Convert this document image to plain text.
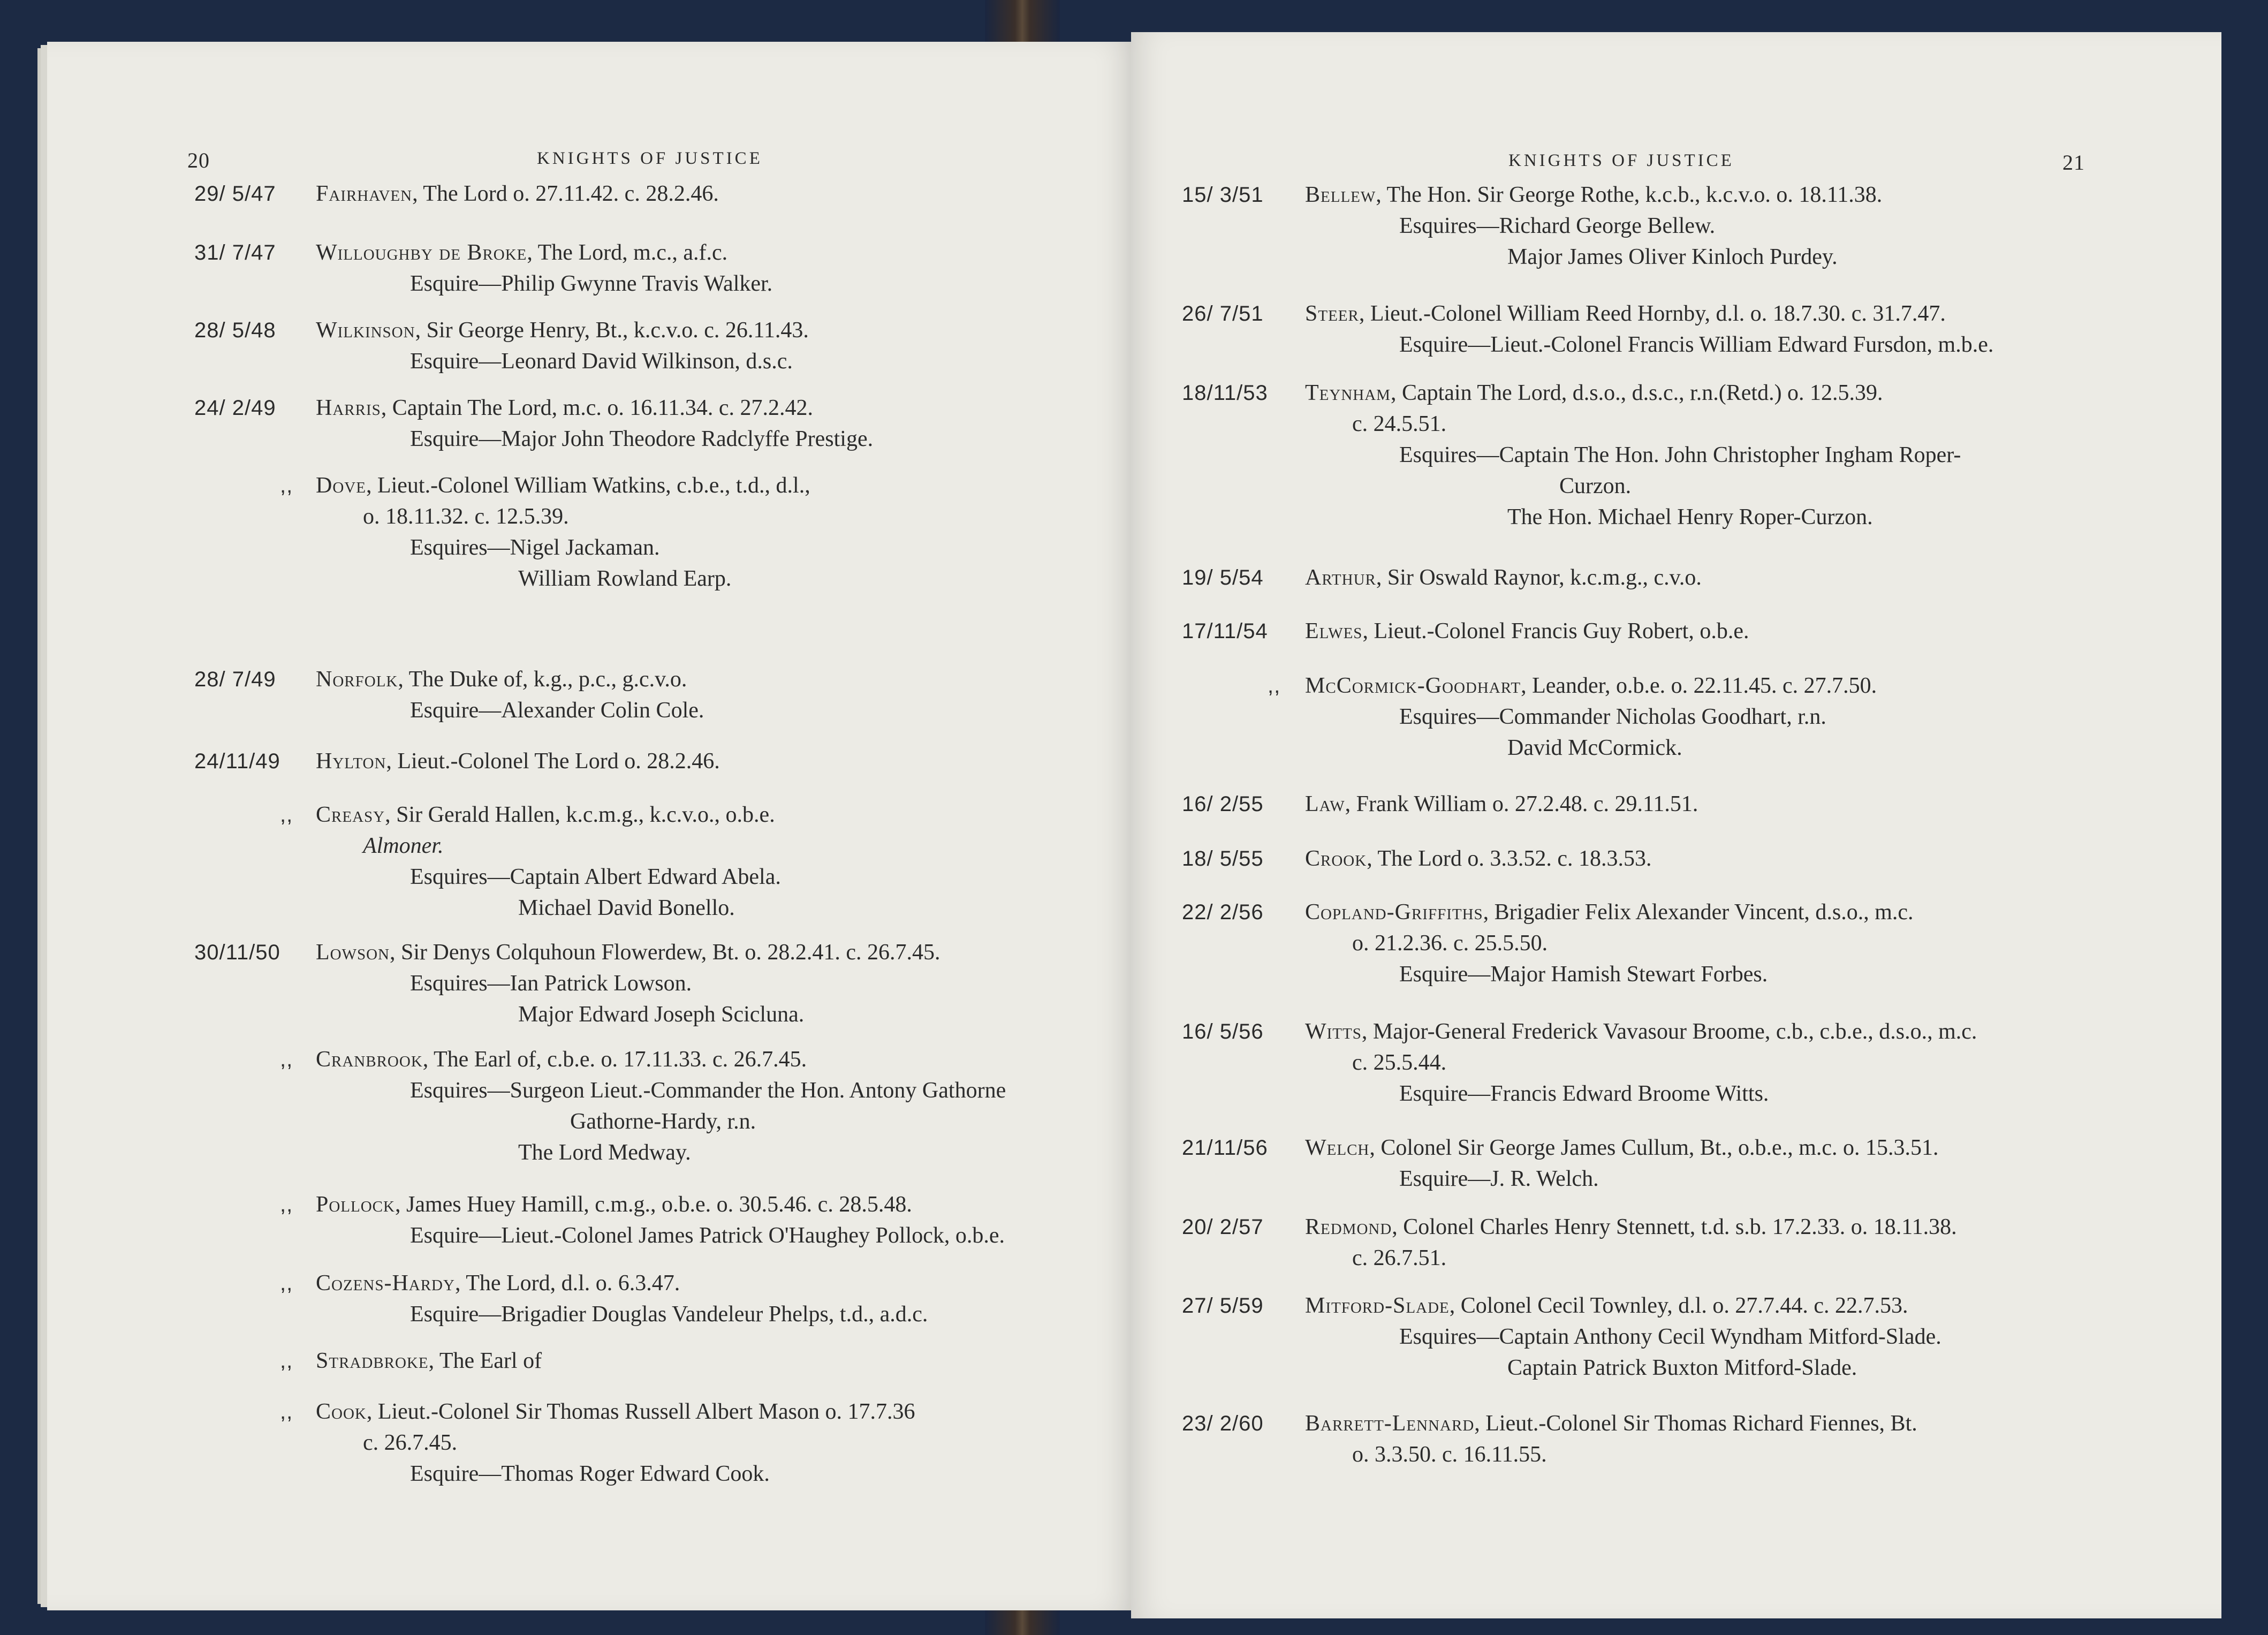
20	KNIGHTS OF JUSTICE
29/ 5/47 Fairhaven, The Lord o. 27.11.42. c. 28.2.46.
31/ 7/47 Willoughby de Broke, The Lord, m.c., a.f.c.
Esquire—Philip Gwynne Travis Walker.
28/ 5/48 Wilkinson, Sir George Henry, Bt., k.c.v.o. c. 26.11.43.
Esquire—Leonard David Wilkinson, d.s.c.
24/ 2/49 Harris, Captain The Lord, m.c. o. 16.11.34. c. 27.2.42.
Esquire—Major John Theodore Radclyffe Prestige.
,, Dove, Lieut.-Colonel William Watkins, c.b.e., t.d., d.l.,
o. 18.11.32. c. 12.5.39.
Esquires—Nigel Jackaman.
William Rowland Earp.
28/ 7/49 Norfolk, The Duke of, k.g., p.c., g.c.v.o.
Esquire—Alexander Colin Cole.
24/11/49 Hylton, Lieut.-Colonel The Lord o. 28.2.46.
,, Creasy, Sir Gerald Hallen, k.c.m.g., k.c.v.o., o.b.e.
Almoner.
Esquires—Captain Albert Edward Abela.
Michael David Bonello.
30/11/50 Lowson, Sir Denys Colquhoun Flowerdew, Bt. o. 28.2.41. c. 26.7.45.
Esquires—Ian Patrick Lowson.
Major Edward Joseph Scicluna.
,, Cranbrook, The Earl of, c.b.e. o. 17.11.33. c. 26.7.45.
Esquires—Surgeon Lieut.-Commander the Hon. Antony Gathorne
Gathorne-Hardy, r.n.
The Lord Medway.
,, Pollock, James Huey Hamill, c.m.g., o.b.e. o. 30.5.46. c. 28.5.48.
Esquire—Lieut.-Colonel James Patrick O'Haughey Pollock, o.b.e.
,, Cozens-Hardy, The Lord, d.l. o. 6.3.47.
Esquire—Brigadier Douglas Vandeleur Phelps, t.d., a.d.c.
,, Stradbroke, The Earl of
,, Cook, Lieut.-Colonel Sir Thomas Russell Albert Mason o. 17.7.36
c. 26.7.45.
Esquire—Thomas Roger Edward Cook.
KNIGHTS OF JUSTICE	21
15/ 3/51 Bellew, The Hon. Sir George Rothe, k.c.b., k.c.v.o. o. 18.11.38.
Esquires—Richard George Bellew.
Major James Oliver Kinloch Purdey.
26/ 7/51 Steer, Lieut.-Colonel William Reed Hornby, d.l. o. 18.7.30. c. 31.7.47.
Esquire—Lieut.-Colonel Francis William Edward Fursdon, m.b.e.
18/11/53 Teynham, Captain The Lord, d.s.o., d.s.c., r.n.(Retd.) o. 12.5.39.
c. 24.5.51.
Esquires—Captain The Hon. John Christopher Ingham Roper-
Curzon.
The Hon. Michael Henry Roper-Curzon.
19/ 5/54 Arthur, Sir Oswald Raynor, k.c.m.g., c.v.o.
17/11/54 Elwes, Lieut.-Colonel Francis Guy Robert, o.b.e.
,, McCormick-Goodhart, Leander, o.b.e. o. 22.11.45. c. 27.7.50.
Esquires—Commander Nicholas Goodhart, r.n.
David McCormick.
16/ 2/55 Law, Frank William o. 27.2.48. c. 29.11.51.
18/ 5/55 Crook, The Lord o. 3.3.52. c. 18.3.53.
22/ 2/56 Copland-Griffiths, Brigadier Felix Alexander Vincent, d.s.o., m.c.
o. 21.2.36. c. 25.5.50.
Esquire—Major Hamish Stewart Forbes.
16/ 5/56 Witts, Major-General Frederick Vavasour Broome, c.b., c.b.e., d.s.o., m.c.
c. 25.5.44.
Esquire—Francis Edward Broome Witts.
21/11/56 Welch, Colonel Sir George James Cullum, Bt., o.b.e., m.c. o. 15.3.51.
Esquire—J. R. Welch.
20/ 2/57 Redmond, Colonel Charles Henry Stennett, t.d. s.b. 17.2.33. o. 18.11.38.
c. 26.7.51.
27/ 5/59 Mitford-Slade, Colonel Cecil Townley, d.l. o. 27.7.44. c. 22.7.53.
Esquires—Captain Anthony Cecil Wyndham Mitford-Slade.
Captain Patrick Buxton Mitford-Slade.
23/ 2/60 Barrett-Lennard, Lieut.-Colonel Sir Thomas Richard Fiennes, Bt.
o. 3.3.50. c. 16.11.55.
